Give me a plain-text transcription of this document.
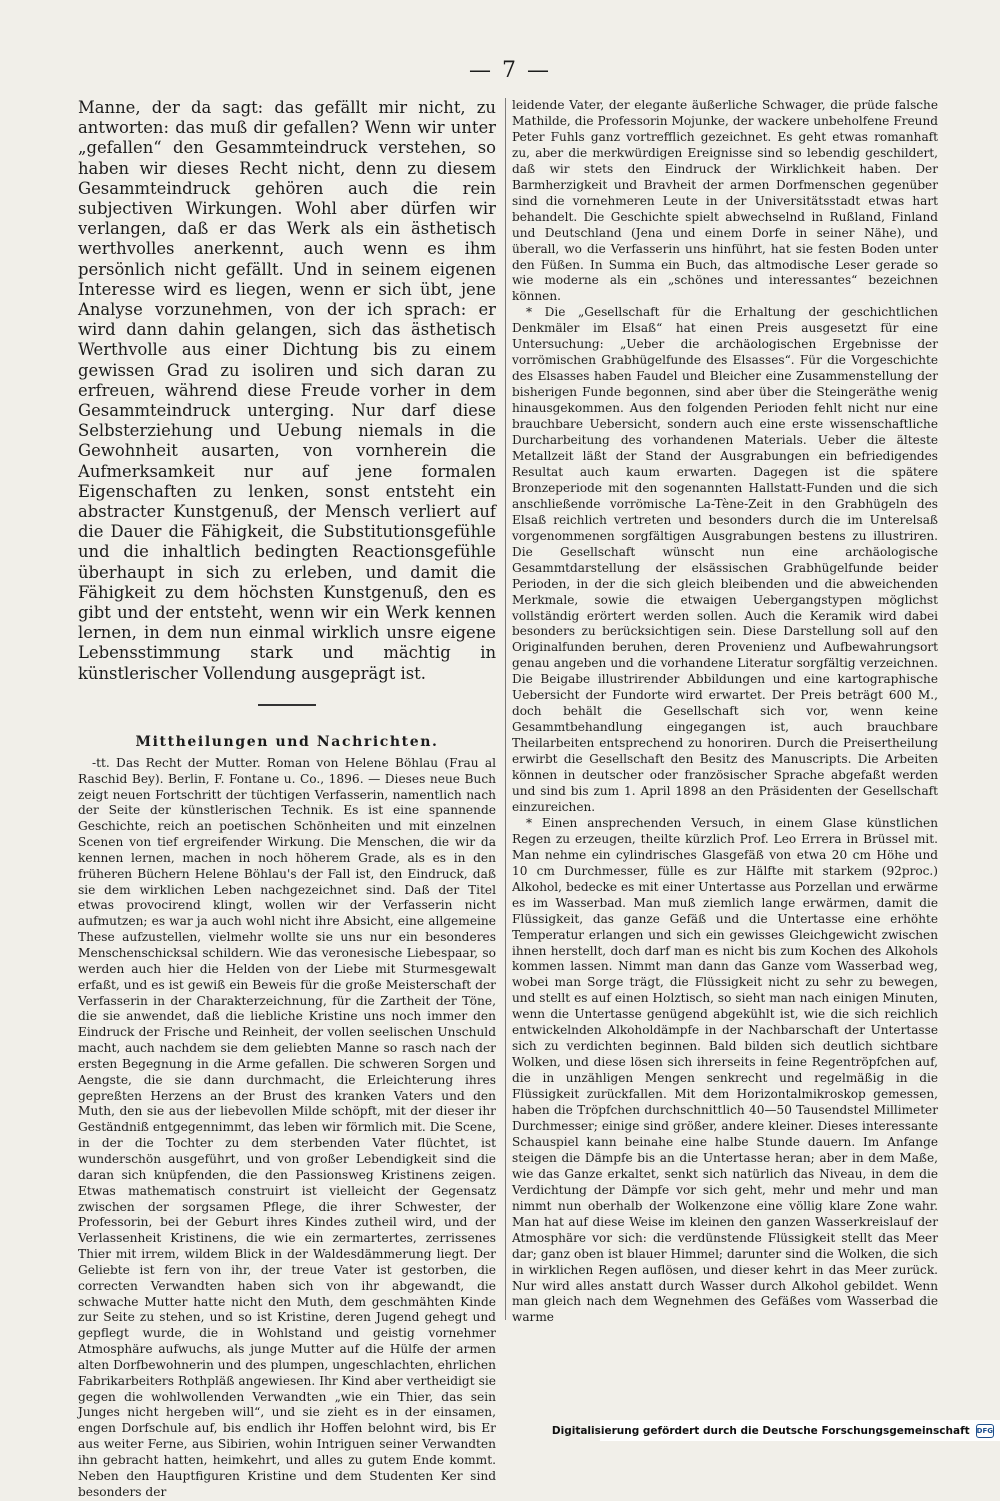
— 7 —

Manne, der da sagt: das gefällt mir nicht, zu antworten: das muß dir gefallen? Wenn wir unter „gefallen“ den Gesammteindruck verstehen, so haben wir dieses Recht nicht, denn zu diesem Gesammteindruck gehören auch die rein subjectiven Wirkungen. Wohl aber dürfen wir verlangen, daß er das Werk als ein ästhetisch werthvolles anerkennt, auch wenn es ihm persönlich nicht gefällt. Und in seinem eigenen Interesse wird es liegen, wenn er sich übt, jene Analyse vorzunehmen, von der ich sprach: er wird dann dahin gelangen, sich das ästhetisch Werthvolle aus einer Dichtung bis zu einem gewissen Grad zu isoliren und sich daran zu erfreuen, während diese Freude vorher in dem Gesammteindruck unterging. Nur darf diese Selbsterziehung und Uebung niemals in die Gewohnheit ausarten, von vornherein die Aufmerksamkeit nur auf jene formalen Eigenschaften zu lenken, sonst entsteht ein abstracter Kunstgenuß, der Mensch verliert auf die Dauer die Fähigkeit, die Substitutionsgefühle und die inhaltlich bedingten Reactionsgefühle überhaupt in sich zu erleben, und damit die Fähigkeit zu dem höchsten Kunstgenuß, den es gibt und der entsteht, wenn wir ein Werk kennen lernen, in dem nun einmal wirklich unsre eigene Lebensstimmung stark und mächtig in künstlerischer Vollendung ausgeprägt ist.

Mittheilungen und Nachrichten.

-tt. Das Recht der Mutter. Roman von Helene Böhlau (Frau al Raschid Bey). Berlin, F. Fontane u. Co., 1896. — Dieses neue Buch zeigt neuen Fortschritt der tüchtigen Verfasserin, namentlich nach der Seite der künstlerischen Technik. Es ist eine spannende Geschichte, reich an poetischen Schönheiten und mit einzelnen Scenen von tief ergreifender Wirkung. Die Menschen, die wir da kennen lernen, machen in noch höherem Grade, als es in den früheren Büchern Helene Böhlau's der Fall ist, den Eindruck, daß sie dem wirklichen Leben nachgezeichnet sind. Daß der Titel etwas provocirend klingt, wollen wir der Verfasserin nicht aufmutzen; es war ja auch wohl nicht ihre Absicht, eine allgemeine These aufzustellen, vielmehr wollte sie uns nur ein besonderes Menschenschicksal schildern. Wie das veronesische Liebespaar, so werden auch hier die Helden von der Liebe mit Sturmesgewalt erfaßt, und es ist gewiß ein Beweis für die große Meisterschaft der Verfasserin in der Charakterzeichnung, für die Zartheit der Töne, die sie anwendet, daß die liebliche Kristine uns noch immer den Eindruck der Frische und Reinheit, der vollen seelischen Unschuld macht, auch nachdem sie dem geliebten Manne so rasch nach der ersten Begegnung in die Arme gefallen. Die schweren Sorgen und Aengste, die sie dann durchmacht, die Erleichterung ihres gepreßten Herzens an der Brust des kranken Vaters und den Muth, den sie aus der liebevollen Milde schöpft, mit der dieser ihr Geständniß entgegennimmt, das leben wir förmlich mit. Die Scene, in der die Tochter zu dem sterbenden Vater flüchtet, ist wunderschön ausgeführt, und von großer Lebendigkeit sind die daran sich knüpfenden, die den Passionsweg Kristinens zeigen. Etwas mathematisch construirt ist vielleicht der Gegensatz zwischen der sorgsamen Pflege, die ihrer Schwester, der Professorin, bei der Geburt ihres Kindes zutheil wird, und der Verlassenheit Kristinens, die wie ein zermartertes, zerrissenes Thier mit irrem, wildem Blick in der Waldesdämmerung liegt. Der Geliebte ist fern von ihr, der treue Vater ist gestorben, die correcten Verwandten haben sich von ihr abgewandt, die schwache Mutter hatte nicht den Muth, dem geschmähten Kinde zur Seite zu stehen, und so ist Kristine, deren Jugend gehegt und gepflegt wurde, die in Wohlstand und geistig vornehmer Atmosphäre aufwuchs, als junge Mutter auf die Hülfe der armen alten Dorfbewohnerin und des plumpen, ungeschlachten, ehrlichen Fabrikarbeiters Rothpläß angewiesen. Ihr Kind aber vertheidigt sie gegen die wohlwollenden Verwandten „wie ein Thier, das sein Junges nicht hergeben will“, und sie zieht es in der einsamen, engen Dorfschule auf, bis endlich ihr Hoffen belohnt wird, bis Er aus weiter Ferne, aus Sibirien, wohin Intriguen seiner Verwandten ihn gebracht hatten, heimkehrt, und alles zu gutem Ende kommt. Neben den Hauptfiguren Kristine und dem Studenten Ker sind besonders der

leidende Vater, der elegante äußerliche Schwager, die prüde falsche Mathilde, die Professorin Mojunke, der wackere unbeholfene Freund Peter Fuhls ganz vortrefflich gezeichnet. Es geht etwas romanhaft zu, aber die merkwürdigen Ereignisse sind so lebendig geschildert, daß wir stets den Eindruck der Wirklichkeit haben. Der Barmherzigkeit und Bravheit der armen Dorfmenschen gegenüber sind die vornehmeren Leute in der Universitätsstadt etwas hart behandelt. Die Geschichte spielt abwechselnd in Rußland, Finland und Deutschland (Jena und einem Dorfe in seiner Nähe), und überall, wo die Verfasserin uns hinführt, hat sie festen Boden unter den Füßen. In Summa ein Buch, das altmodische Leser gerade so wie moderne als ein „schönes und interessantes“ bezeichnen können.

* Die „Gesellschaft für die Erhaltung der geschichtlichen Denkmäler im Elsaß“ hat einen Preis ausgesetzt für eine Untersuchung: „Ueber die archäologischen Ergebnisse der vorrömischen Grabhügelfunde des Elsasses“. Für die Vorgeschichte des Elsasses haben Faudel und Bleicher eine Zusammenstellung der bisherigen Funde begonnen, sind aber über die Steingeräthe wenig hinausgekommen. Aus den folgenden Perioden fehlt nicht nur eine brauchbare Uebersicht, sondern auch eine erste wissenschaftliche Durcharbeitung des vorhandenen Materials. Ueber die älteste Metallzeit läßt der Stand der Ausgrabungen ein befriedigendes Resultat auch kaum erwarten. Dagegen ist die spätere Bronzeperiode mit den sogenannten Hallstatt-Funden und die sich anschließende vorrömische La-Tène-Zeit in den Grabhügeln des Elsaß reichlich vertreten und besonders durch die im Unterelsaß vorgenommenen sorgfältigen Ausgrabungen bestens zu illustriren. Die Gesellschaft wünscht nun eine archäologische Gesammtdarstellung der elsässischen Grabhügelfunde beider Perioden, in der die sich gleich bleibenden und die abweichenden Merkmale, sowie die etwaigen Uebergangstypen möglichst vollständig erörtert werden sollen. Auch die Keramik wird dabei besonders zu berücksichtigen sein. Diese Darstellung soll auf den Originalfunden beruhen, deren Provenienz und Aufbewahrungsort genau angeben und die vorhandene Literatur sorgfältig verzeichnen. Die Beigabe illustrirender Abbildungen und eine kartographische Uebersicht der Fundorte wird erwartet. Der Preis beträgt 600 M., doch behält die Gesellschaft sich vor, wenn keine Gesammtbehandlung eingegangen ist, auch brauchbare Theilarbeiten entsprechend zu honoriren. Durch die Preisertheilung erwirbt die Gesellschaft den Besitz des Manuscripts. Die Arbeiten können in deutscher oder französischer Sprache abgefaßt werden und sind bis zum 1. April 1898 an den Präsidenten der Gesellschaft einzureichen.

* Einen ansprechenden Versuch, in einem Glase künstlichen Regen zu erzeugen, theilte kürzlich Prof. Leo Errera in Brüssel mit. Man nehme ein cylindrisches Glasgefäß von etwa 20 cm Höhe und 10 cm Durchmesser, fülle es zur Hälfte mit starkem (92proc.) Alkohol, bedecke es mit einer Untertasse aus Porzellan und erwärme es im Wasserbad. Man muß ziemlich lange erwärmen, damit die Flüssigkeit, das ganze Gefäß und die Untertasse eine erhöhte Temperatur erlangen und sich ein gewisses Gleichgewicht zwischen ihnen herstellt, doch darf man es nicht bis zum Kochen des Alkohols kommen lassen. Nimmt man dann das Ganze vom Wasserbad weg, wobei man Sorge trägt, die Flüssigkeit nicht zu sehr zu bewegen, und stellt es auf einen Holztisch, so sieht man nach einigen Minuten, wenn die Untertasse genügend abgekühlt ist, wie die sich reichlich entwickelnden Alkoholdämpfe in der Nachbarschaft der Untertasse sich zu verdichten beginnen. Bald bilden sich deutlich sichtbare Wolken, und diese lösen sich ihrerseits in feine Regentröpfchen auf, die in unzähligen Mengen senkrecht und regelmäßig in die Flüssigkeit zurückfallen. Mit dem Horizontalmikroskop gemessen, haben die Tröpfchen durchschnittlich 40—50 Tausendstel Millimeter Durchmesser; einige sind größer, andere kleiner. Dieses interessante Schauspiel kann beinahe eine halbe Stunde dauern. Im Anfange steigen die Dämpfe bis an die Untertasse heran; aber in dem Maße, wie das Ganze erkaltet, senkt sich natürlich das Niveau, in dem die Verdichtung der Dämpfe vor sich geht, mehr und mehr und man nimmt nun oberhalb der Wolkenzone eine völlig klare Zone wahr. Man hat auf diese Weise im kleinen den ganzen Wasserkreislauf der Atmosphäre vor sich: die verdünstende Flüssigkeit stellt das Meer dar; ganz oben ist blauer Himmel; darunter sind die Wolken, die sich in wirklichen Regen auflösen, und dieser kehrt in das Meer zurück. Nur wird alles anstatt durch Wasser durch Alkohol gebildet. Wenn man gleich nach dem Wegnehmen des Gefäßes vom Wasserbad die warme

Digitalisierung gefördert durch die Deutsche Forschungsgemeinschaft DFG
